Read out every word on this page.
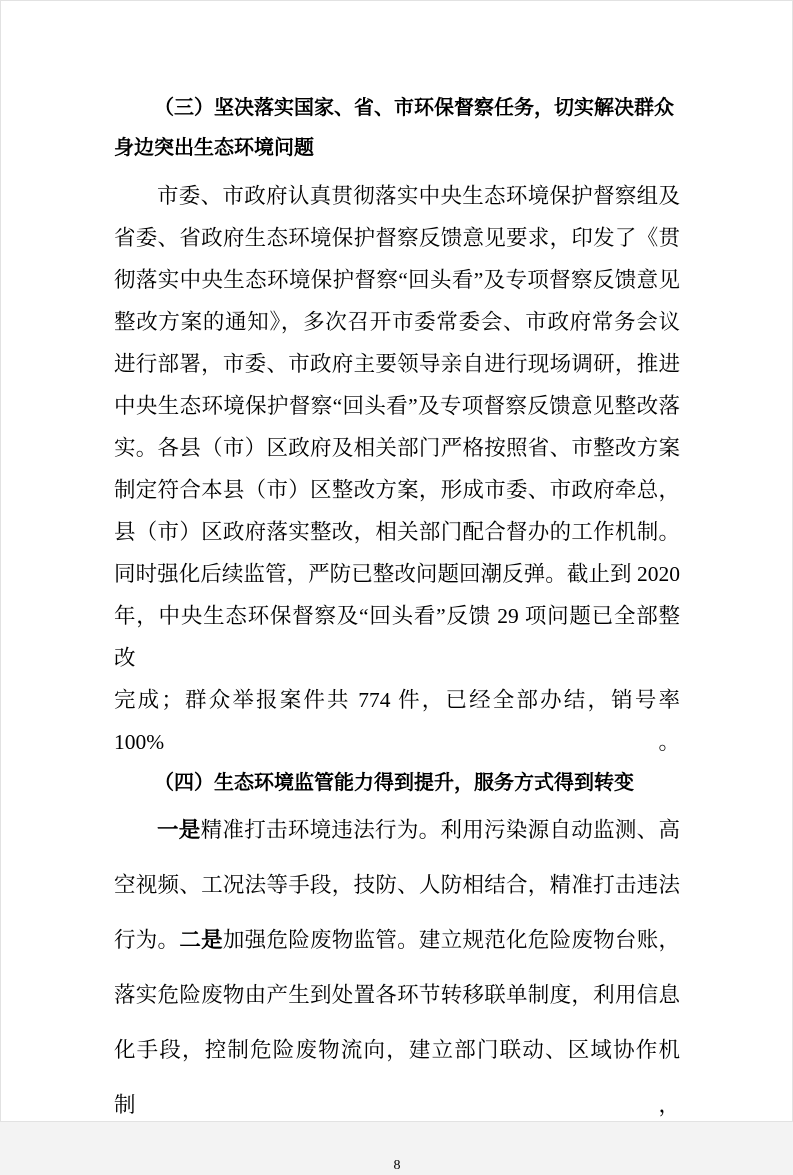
（三）坚决落实国家、省、市环保督察任务，切实解决群众
身边突出生态环境问题
市委、市政府认真贯彻落实中央生态环境保护督察组及
省委、省政府生态环境保护督察反馈意见要求，印发了《贯
彻落实中央生态环境保护督察“回头看”及专项督察反馈意见
整改方案的通知》，多次召开市委常委会、市政府常务会议
进行部署，市委、市政府主要领导亲自进行现场调研，推进
中央生态环境保护督察“回头看”及专项督察反馈意见整改落
实。各县（市）区政府及相关部门严格按照省、市整改方案
制定符合本县（市）区整改方案，形成市委、市政府牵总，
县（市）区政府落实整改，相关部门配合督办的工作机制。
同时强化后续监管，严防已整改问题回潮反弹。截止到 2020
年，中央生态环保督察及“回头看”反馈 29 项问题已全部整改
完成；群众举报案件共 774 件，已经全部办结，销号率 100%。
（四）生态环境监管能力得到提升，服务方式得到转变
一是精准打击环境违法行为。利用污染源自动监测、高
空视频、工况法等手段，技防、人防相结合，精准打击违法
行为。二是加强危险废物监管。建立规范化危险废物台账，
落实危险废物由产生到处置各环节转移联单制度，利用信息
化手段，控制危险废物流向，建立部门联动、区域协作机制，
8
